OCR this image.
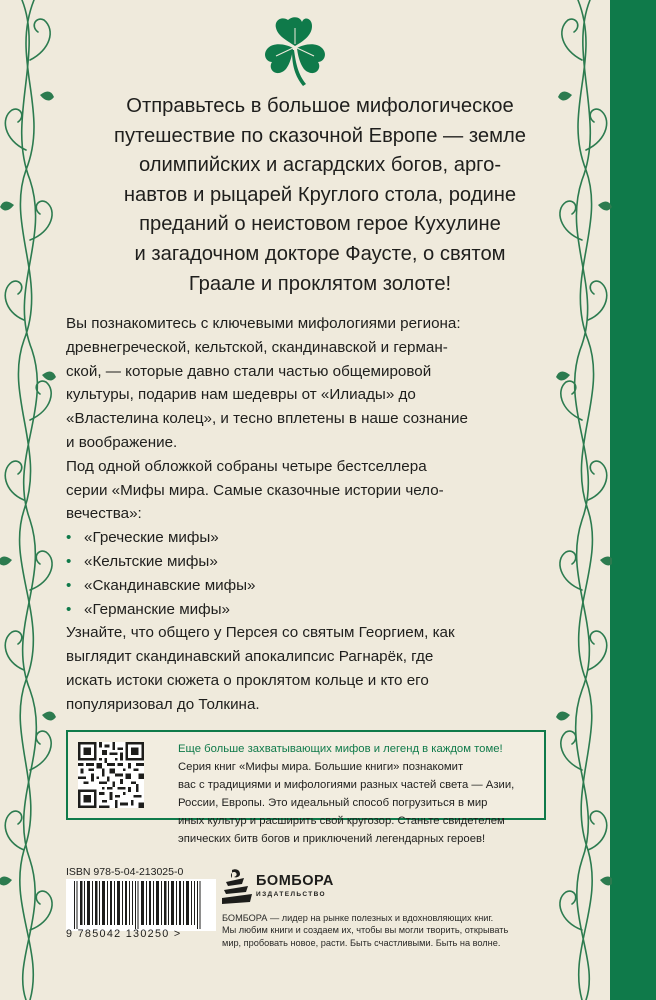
Отправьтесь в большое мифологическое
путешествие по сказочной Европе — земле
олимпийских и асгардских богов, арго-
навтов и рыцарей Круглого стола, родине
преданий о неистовом герое Кухулине
и загадочном докторе Фаусте, о святом
Граале и проклятом золоте!

Вы познакомитесь с ключевыми мифологиями региона:
древнегреческой, кельтской, скандинавской и герман-
ской, — которые давно стали частью общемировой
культуры, подарив нам шедевры от «Илиады» до
«Властелина колец», и тесно вплетены в наше сознание
и воображение.
Под одной обложкой собраны четыре бестселлера
серии «Мифы мира. Самые сказочные истории чело-
вечества»:
• «Греческие мифы»
• «Кельтские мифы»
• «Скандинавские мифы»
• «Германские мифы»
Узнайте, что общего у Персея со святым Георгием, как
выглядит скандинавский апокалипсис Рагнарёк, где
искать истоки сюжета о проклятом кольце и кто его
популяризовал до Толкина.
Еще больше захватывающих мифов и легенд в каждом томе!
Серия книг «Мифы мира. Большие книги» познакомит
вас с традициями и мифологиями разных частей света — Азии,
России, Европы. Это идеальный способ погрузиться в мир
иных культур и расширить свой кругозор. Станьте свидетелем
эпических битв богов и приключений легендарных героев!
ISBN 978-5-04-213025-0
9 785042 130250 >
БОМБОРА
ИЗДАТЕЛЬСТВО
БОМБОРА — лидер на рынке полезных и вдохновляющих книг.
Мы любим книги и создаем их, чтобы вы могли творить, открывать
мир, пробовать новое, расти. Быть счастливыми. Быть на волне.
